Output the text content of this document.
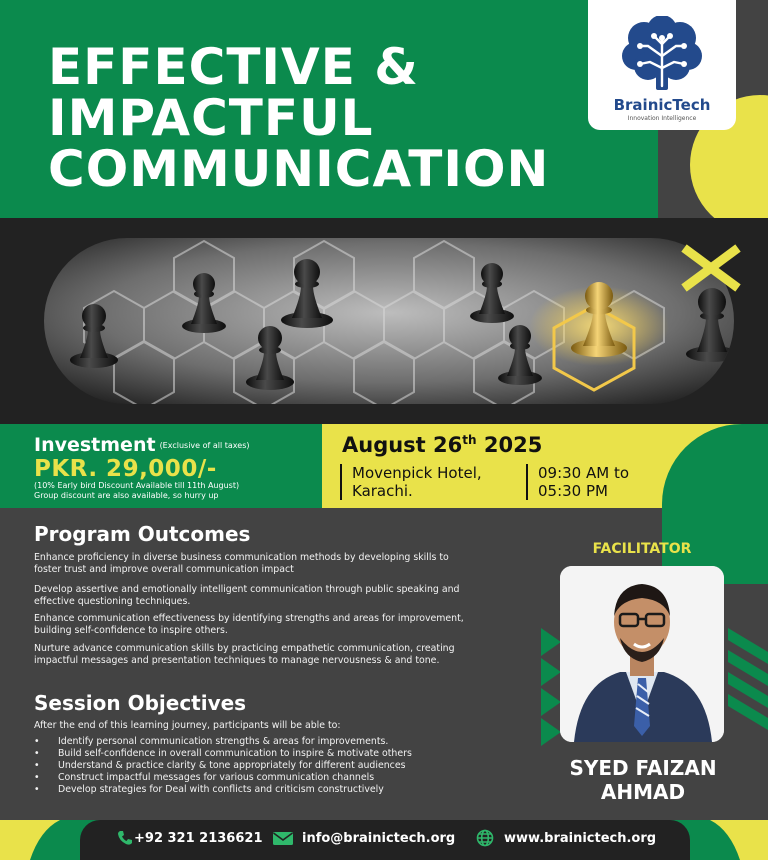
EFFECTIVE &
IMPACTFUL
COMMUNICATION
BrainicTech
Innovation Intelligence
Investment (Exclusive of all taxes)
PKR. 29,000/-
(10% Early bird Discount Available till 11th August)
Group discount are also available, so hurry up
August 26th 2025
Movenpick Hotel,
Karachi.
09:30 AM to
05:30 PM
Program Outcomes

Enhance proficiency in diverse business communication methods by developing skills to foster trust and improve overall communication impact

Develop assertive and emotionally intelligent communication through public speaking and effective questioning techniques.

Enhance communication effectiveness by identifying strengths and areas for improvement, building self-confidence to inspire others.

Nurture advance communication skills by practicing empathetic communication, creating impactful messages and presentation techniques to manage nervousness & and tone.

Session Objectives

After the end of this learning journey, participants will be able to:

• Identify personal communication strengths & areas for improvements.
• Build self-confidence in overall communication to inspire & motivate others
• Understand & practice clarity & tone appropriately for different audiences
• Construct impactful messages for various communication channels
• Develop strategies for Deal with conflicts and criticism constructively
FACILITATOR
SYED FAIZAN
AHMAD
+92 321 2136621	info@brainictech.org	www.brainictech.org
